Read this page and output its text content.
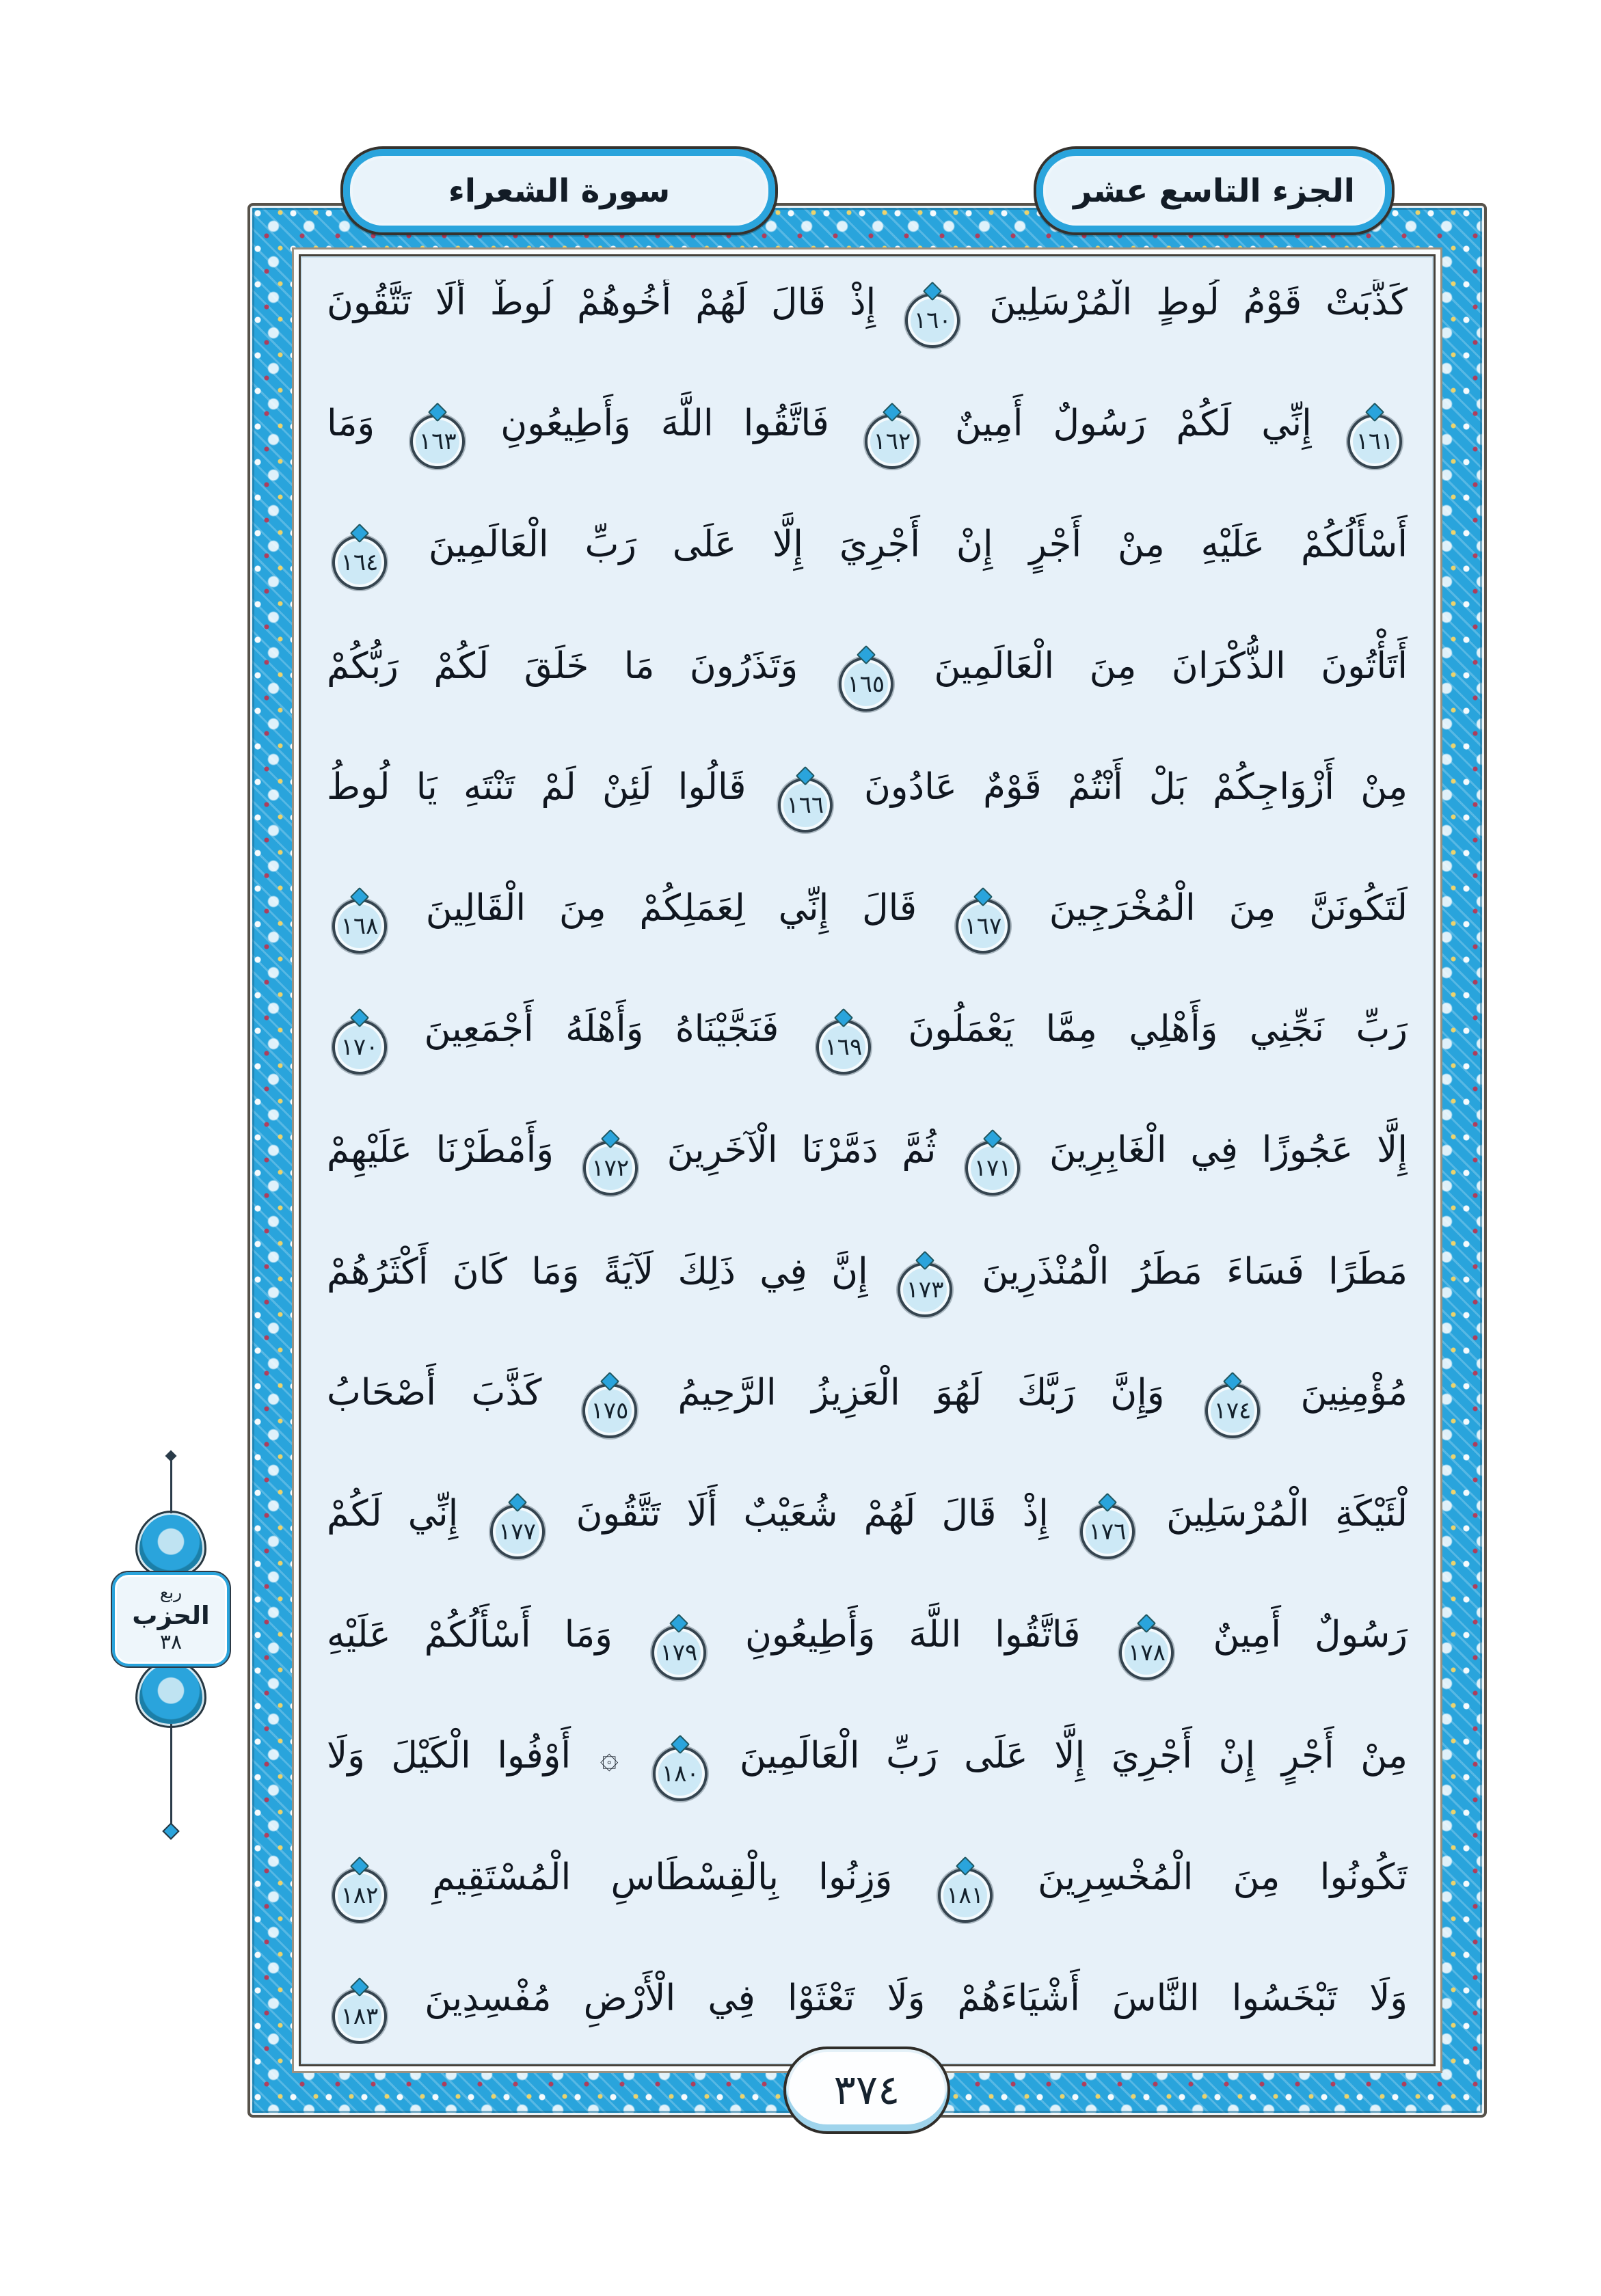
الجزء التاسع عشر
سورة الشعراء
كَذَّبَتْ قَوْمُ لُوطٍ الْمُرْسَلِينَ
١٦٠
إِذْ قَالَ لَهُمْ أَخُوهُمْ لُوطٌ أَلَا تَتَّقُونَ
١٦١
إِنِّي لَكُمْ رَسُولٌ أَمِينٌ
١٦٢
فَاتَّقُوا اللَّهَ وَأَطِيعُونِ
١٦٣
وَمَا
أَسْأَلُكُمْ عَلَيْهِ مِنْ أَجْرٍ إِنْ أَجْرِيَ إِلَّا عَلَى رَبِّ الْعَالَمِينَ
١٦٤
أَتَأْتُونَ الذُّكْرَانَ مِنَ الْعَالَمِينَ
١٦٥
وَتَذَرُونَ مَا خَلَقَ لَكُمْ رَبُّكُمْ
مِنْ أَزْوَاجِكُمْ بَلْ أَنْتُمْ قَوْمٌ عَادُونَ
١٦٦
قَالُوا لَئِنْ لَمْ تَنْتَهِ يَا لُوطُ
لَتَكُونَنَّ مِنَ الْمُخْرَجِينَ
١٦٧
قَالَ إِنِّي لِعَمَلِكُمْ مِنَ الْقَالِينَ
١٦٨
رَبِّ نَجِّنِي وَأَهْلِي مِمَّا يَعْمَلُونَ
١٦٩
فَنَجَّيْنَاهُ وَأَهْلَهُ أَجْمَعِينَ
١٧٠
إِلَّا عَجُوزًا فِي الْغَابِرِينَ
١٧١
ثُمَّ دَمَّرْنَا الْآخَرِينَ
١٧٢
وَأَمْطَرْنَا عَلَيْهِمْ
مَطَرًا فَسَاءَ مَطَرُ الْمُنْذَرِينَ
١٧٣
إِنَّ فِي ذَلِكَ لَآيَةً وَمَا كَانَ أَكْثَرُهُمْ
مُؤْمِنِينَ
١٧٤
وَإِنَّ رَبَّكَ لَهُوَ الْعَزِيزُ الرَّحِيمُ
١٧٥
كَذَّبَ أَصْحَابُ
لْئَيْكَةِ الْمُرْسَلِينَ
١٧٦
إِذْ قَالَ لَهُمْ شُعَيْبٌ أَلَا تَتَّقُونَ
١٧٧
إِنِّي لَكُمْ
رَسُولٌ أَمِينٌ
١٧٨
فَاتَّقُوا اللَّهَ وَأَطِيعُونِ
١٧٩
وَمَا أَسْأَلُكُمْ عَلَيْهِ
مِنْ أَجْرٍ إِنْ أَجْرِيَ إِلَّا عَلَى رَبِّ الْعَالَمِينَ
١٨٠
۞ أَوْفُوا الْكَيْلَ وَلَا
تَكُونُوا مِنَ الْمُخْسِرِينَ
١٨١
وَزِنُوا بِالْقِسْطَاسِ الْمُسْتَقِيمِ
١٨٢
وَلَا تَبْخَسُوا النَّاسَ أَشْيَاءَهُمْ وَلَا تَعْثَوْا فِي الْأَرْضِ مُفْسِدِينَ
١٨٣
ربع
الحزب
٣٨
٣٧٤
